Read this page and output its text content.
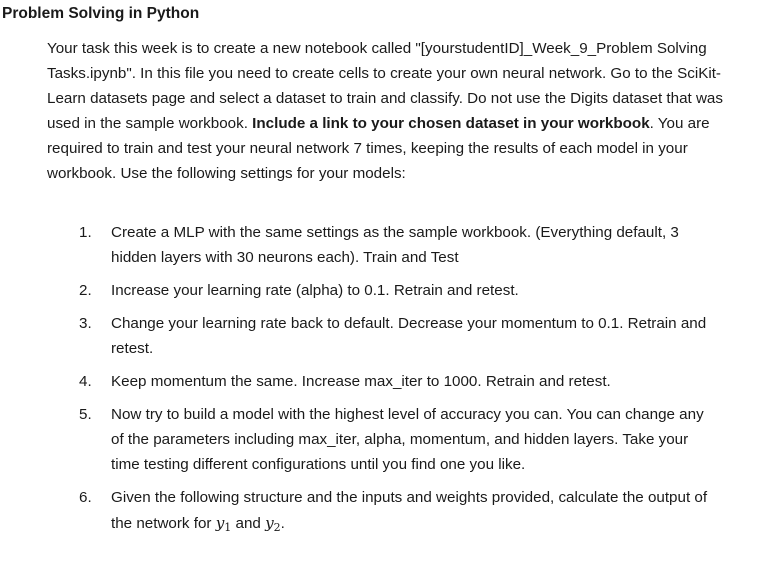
Problem Solving in Python

Your task this week is to create a new notebook called "[yourstudentID]_Week_9_Problem Solving Tasks.ipynb". In this file you need to create cells to create your own neural network. Go to the SciKit-Learn datasets page and select a dataset to train and classify. Do not use the Digits dataset that was used in the sample workbook. Include a link to your chosen dataset in your workbook. You are required to train and test your neural network 7 times, keeping the results of each model in your workbook. Use the following settings for your models:

1.	Create a MLP with the same settings as the sample workbook. (Everything default, 3 hidden layers with 30 neurons each). Train and Test
2.	Increase your learning rate (alpha) to 0.1. Retrain and retest.
3.	Change your learning rate back to default. Decrease your momentum to 0.1. Retrain and retest.
4.	Keep momentum the same. Increase max_iter to 1000. Retrain and retest.
5.	Now try to build a model with the highest level of accuracy you can. You can change any of the parameters including max_iter, alpha, momentum, and hidden layers. Take your time testing different configurations until you find one you like.
6.	Given the following structure and the inputs and weights provided, calculate the output of the network for $y_1$ and $y_2$.
